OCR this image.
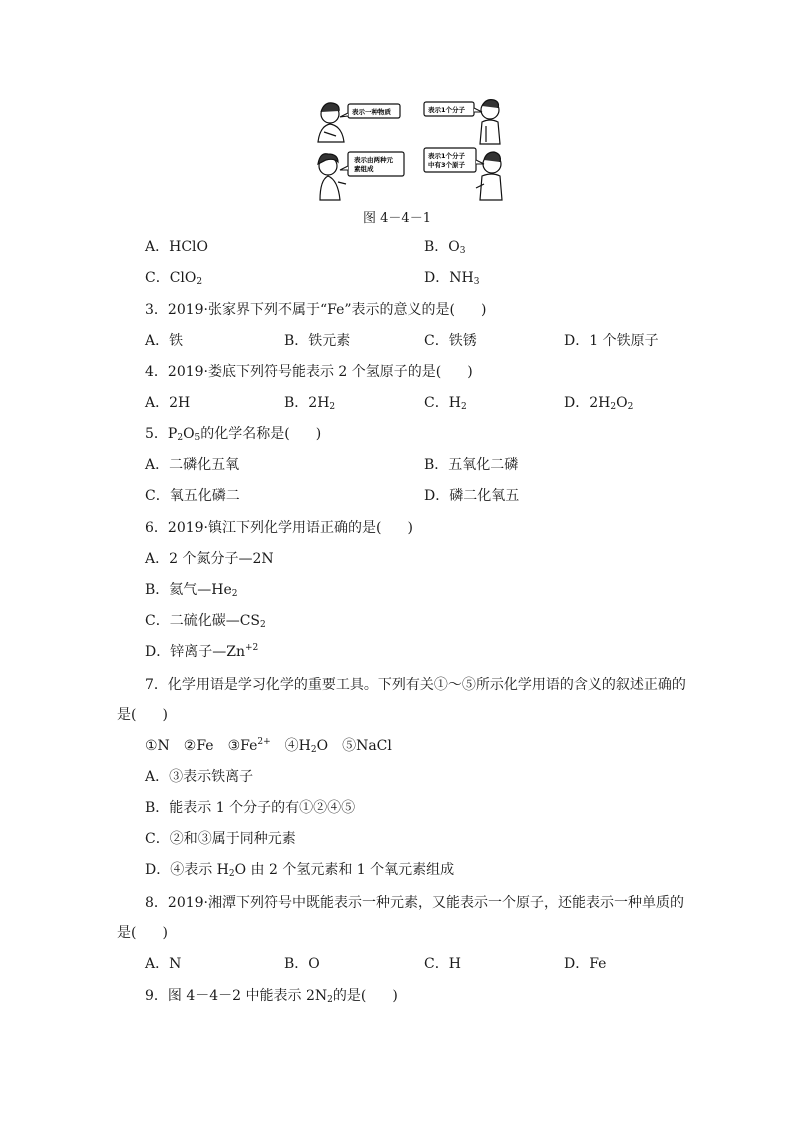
表示一种物质	表示1个分子
表示由两种元
素组成
表示1个分子
中有3个原子
图 4－4－1
A．HClO	B．$O_3$
C．ClO$_2$	D．$NH_3$
3．2019·张家界下列不属于“Fe”表示的意义的是( )
A．铁	B．铁元素	C．铁锈	D．1 个铁原子
4．2019·娄底下列符号能表示 2 个氢原子的是( )
A．2H	B．$2H_2$	C．$H_2$	D．$2H_2O_2$
5．$P_2O_5$的化学名称是( )
A．二磷化五氧	B．五氧化二磷
C．氧五化磷二	D．磷二化氧五
6．2019·镇江下列化学用语正确的是( )
A．2 个氮分子—2N
B．氦气$—He_2$
C．二硫化碳$—CS_2$
D．锌离子$—Zn^{+2}$
7．化学用语是学习化学的重要工具。下列有关①～⑤所示化学用语的含义的叙述正确的
是( )
①N　②Fe　$③Fe^{2+}$　$④H_2O$　⑤NaCl
A．③表示铁离子
B．能表示 1 个分子的有①②④⑤
C．②和③属于同种元素
D．④表示 $H_2O$ 由 2 个氢元素和 1 个氧元素组成
8．2019·湘潭下列符号中既能表示一种元素，又能表示一个原子，还能表示一种单质的
是( )
A．N	B．O	C．H	D．Fe
9．图 4－4－2 中能表示 $2N_2$的是( )
